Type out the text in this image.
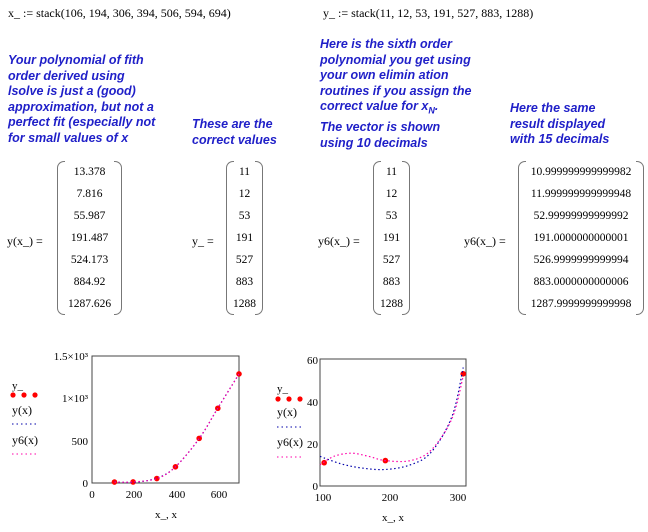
x_ := stack(106, 194, 306, 394, 506, 594, 694)	y_ := stack(11, 12, 53, 191, 527, 883, 1288)
Your polynomial of fith
order derived using
lsolve is just a (good)
approximation, but not a
perfect fit (especially not
for small values of x
These are the
correct values
Here is the sixth order
polynomial you get using
your own elimin ation
routines if you assign the
correct value for $x_N$.
The vector is shown
using 10 decimals
Here the same
result displayed
with 15 decimals
y(x_) =	y_ =	y6(x_) =	y6(x_) =
13.378
7.816
55.987
191.487
524.173
884.92
1287.626
11
12
53
191
527
883
1288
11
12
53
191
527
883
1288
10.999999999999982
11.999999999999948
52.99999999999992
191.0000000000001
526.9999999999994
883.0000000000006
1287.9999999999998
y_
y(x)
y6(x)
0
500
1×10³
1.5×10³
0	200 400 600
x_, x
y_
y(x)
y6(x)
0
20
40
60
100	200	300
x_, x
